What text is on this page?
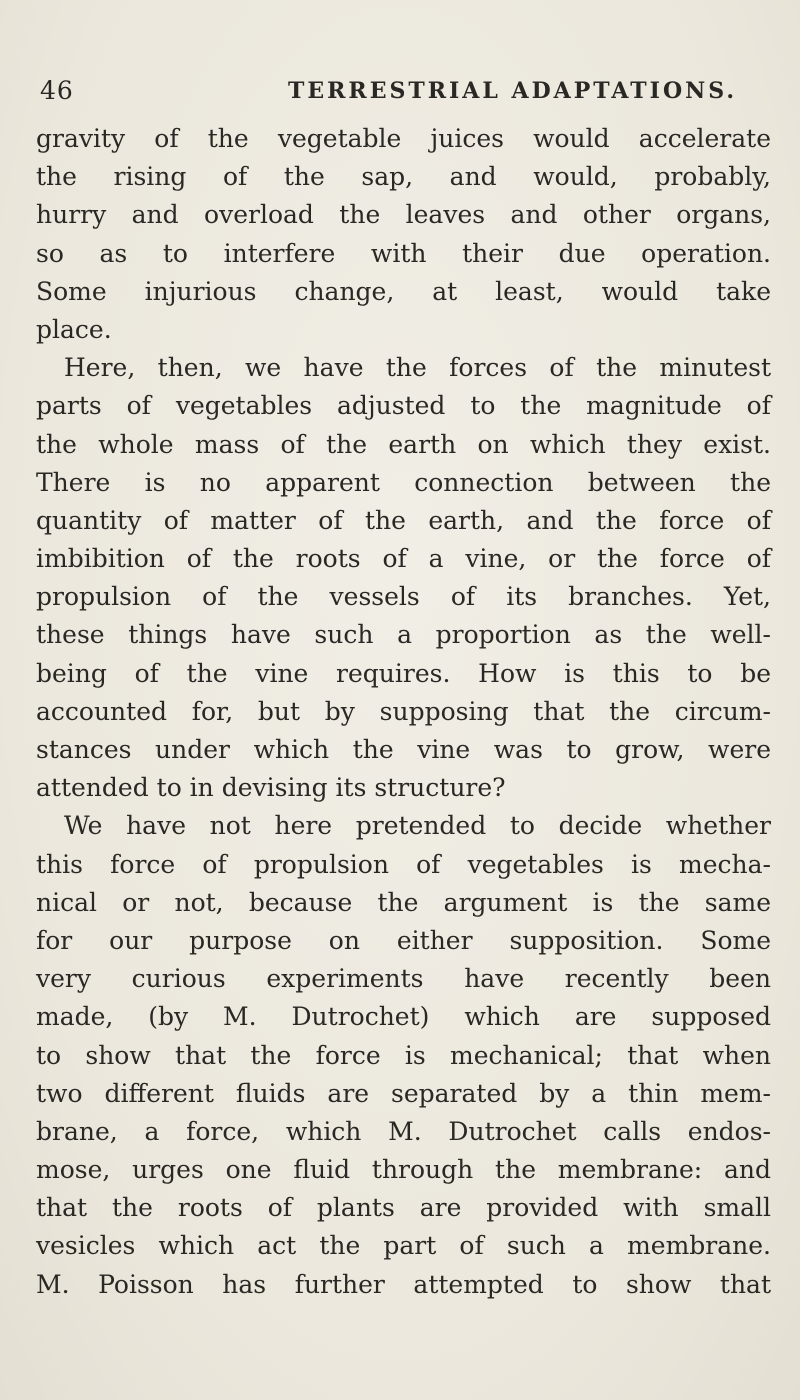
46	TERRESTRIAL ADAPTATIONS.
gravity of the vegetable juices would accelerate
the rising of the sap, and would, probably,
hurry and overload the leaves and other organs,
so as to interfere with their due operation.
Some injurious change, at least, would take
place.
Here, then, we have the forces of the minutest
parts of vegetables adjusted to the magnitude of
the whole mass of the earth on which they exist.
There is no apparent connection between the
quantity of matter of the earth, and the force of
imbibition of the roots of a vine, or the force of
propulsion of the vessels of its branches. Yet,
these things have such a proportion as the well-
being of the vine requires. How is this to be
accounted for, but by supposing that the circum-
stances under which the vine was to grow, were
attended to in devising its structure?
We have not here pretended to decide whether
this force of propulsion of vegetables is mecha-
nical or not, because the argument is the same
for our purpose on either supposition. Some
very curious experiments have recently been
made, (by M. Dutrochet) which are supposed
to show that the force is mechanical; that when
two different fluids are separated by a thin mem-
brane, a force, which M. Dutrochet calls endos-
mose, urges one fluid through the membrane: and
that the roots of plants are provided with small
vesicles which act the part of such a membrane.
M. Poisson has further attempted to show that
